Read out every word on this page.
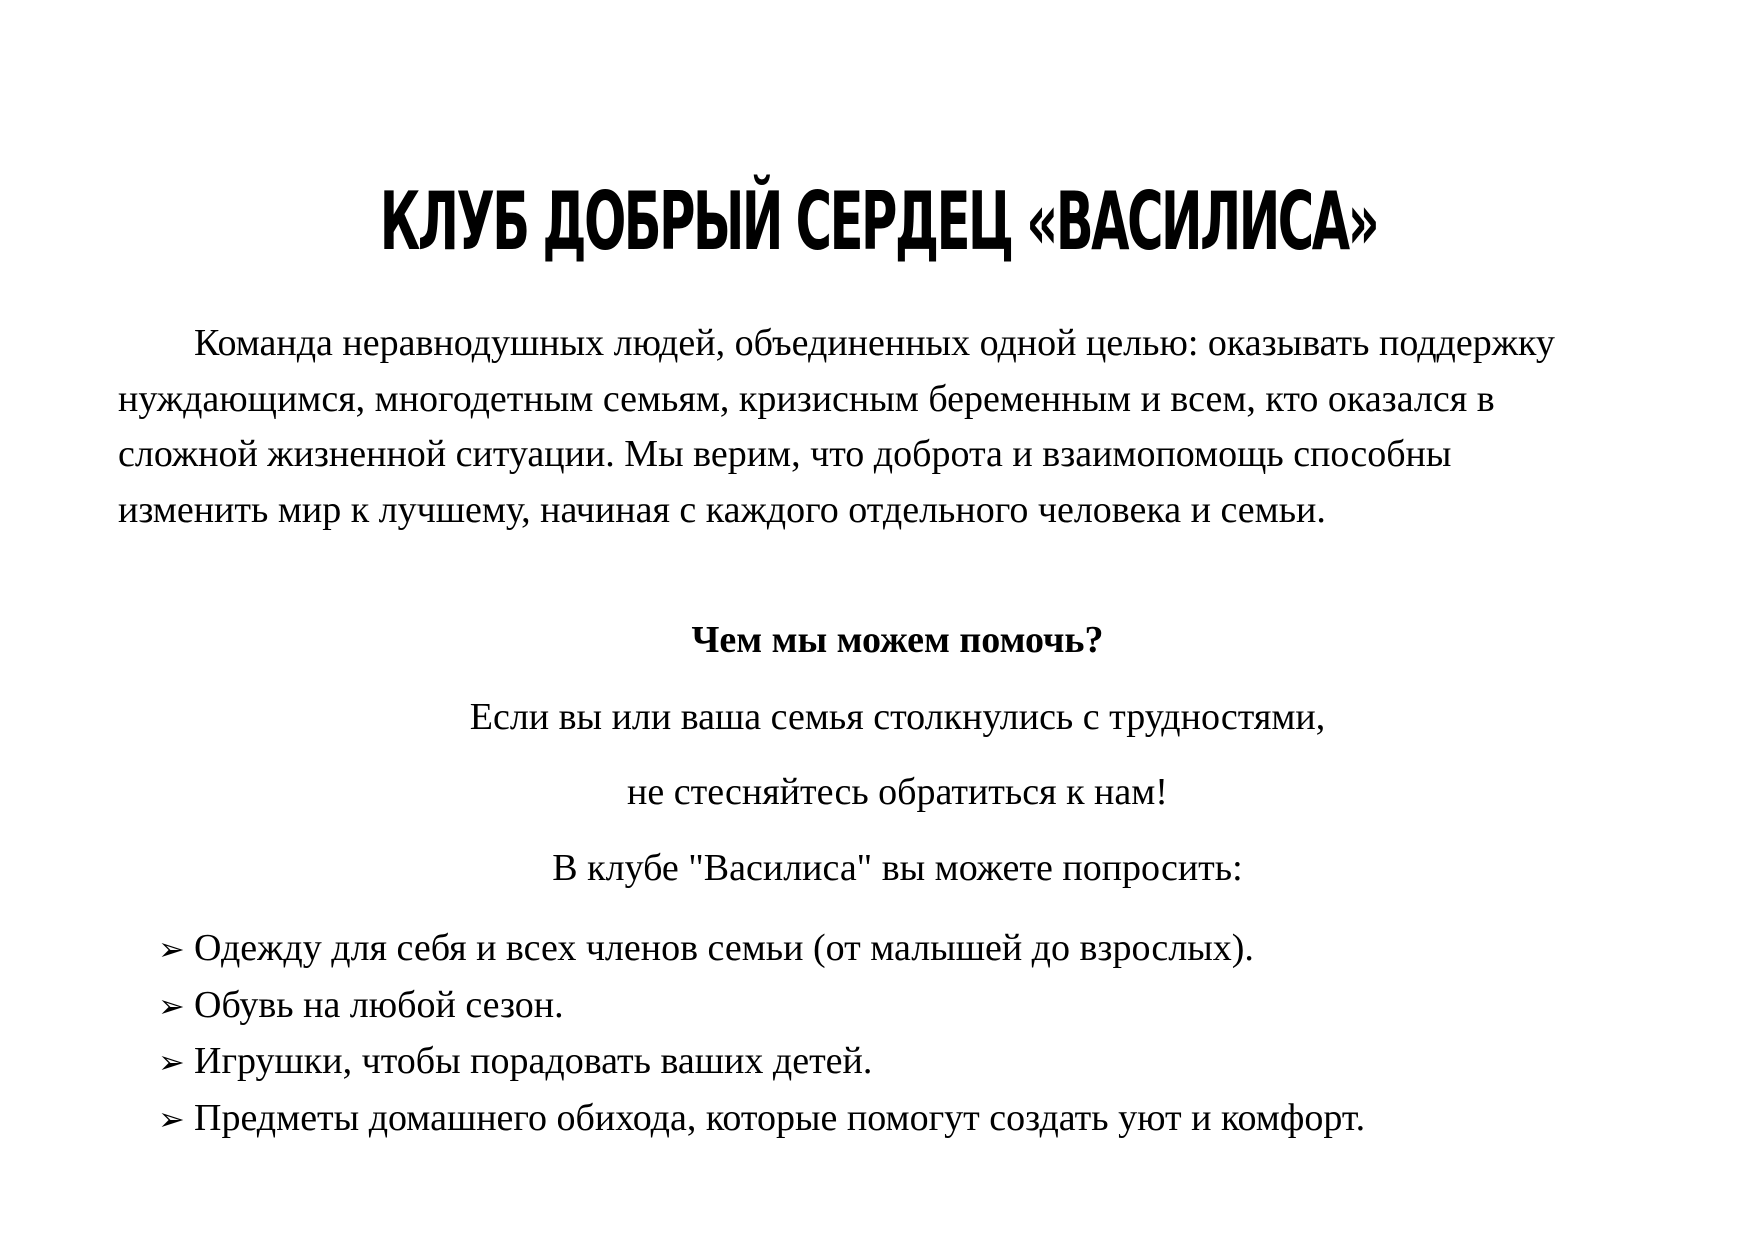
КЛУБ ДОБРЫЙ СЕРДЕЦ «ВАСИЛИСА»

Команда неравнодушных людей, объединенных одной целью: оказывать поддержку нуждающимся, многодетным семьям, кризисным беременным и всем, кто оказался в сложной жизненной ситуации. Мы верим, что доброта и взаимопомощь способны изменить мир к лучшему, начиная с каждого отдельного человека и семьи.

Чем мы можем помочь?

Если вы или ваша семья столкнулись с трудностями,

не стесняйтесь обратиться к нам!

В клубе "Василиса" вы можете попросить:

➢ Одежду для себя и всех членов семьи (от малышей до взрослых).
➢ Обувь на любой сезон.
➢ Игрушки, чтобы порадовать ваших детей.
➢ Предметы домашнего обихода, которые помогут создать уют и комфорт.
